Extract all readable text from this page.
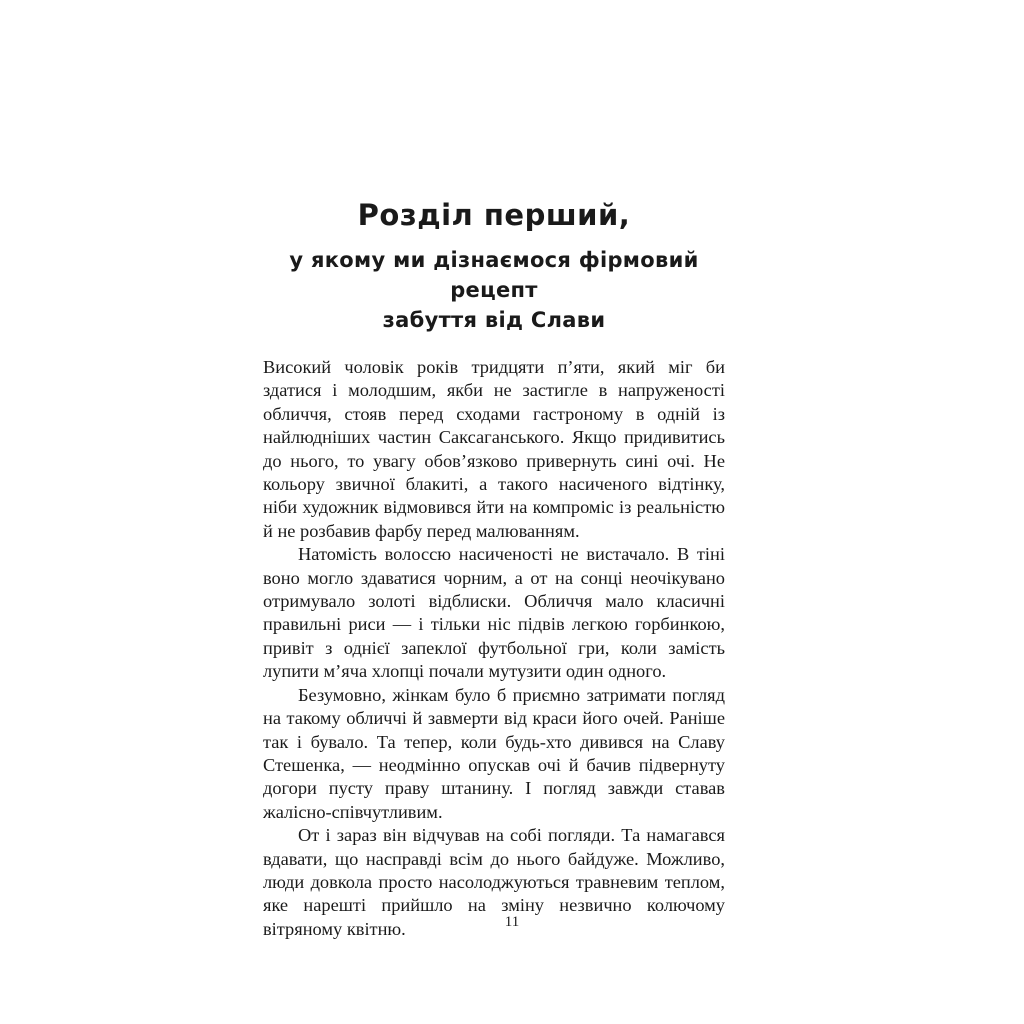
Розділ перший,
у якому ми дізнаємося фірмовий рецепт
забуття від Слави

Високий чоловік років тридцяти п’яти, який міг би здатися і молодшим, якби не застигле в напруженості обличчя, стояв перед сходами гастроному в одній із найлюдніших частин Саксаганського. Якщо придивитись до нього, то увагу обов’язково привернуть сині очі. Не кольору звичної блакиті, а такого насиченого відтінку, ніби художник відмовився йти на компроміс із реальністю й не розбавив фарбу перед малюванням.

Натомість волоссю насиченості не вистачало. В тіні воно могло здаватися чорним, а от на сонці неочікувано отримувало золоті відблиски. Обличчя мало класичні правильні риси — і тільки ніс підвів легкою горбинкою, привіт з однієї запеклої футбольної гри, коли замість лупити м’яча хлопці почали мутузити один одного.

Безумовно, жінкам було б приємно затримати погляд на такому обличчі й завмерти від краси його очей. Раніше так і бувало. Та тепер, коли будь-хто дивився на Славу Стешенка, — неодмінно опускав очі й бачив підвернуту догори пусту праву штанину. І погляд завжди ставав жалісно-співчутливим.

От і зараз він відчував на собі погляди. Та намагався вдавати, що насправді всім до нього байдуже. Можливо, люди довкола просто насолоджуються травневим теплом, яке нарешті прийшло на зміну незвично колючому вітряному квітню.	11
